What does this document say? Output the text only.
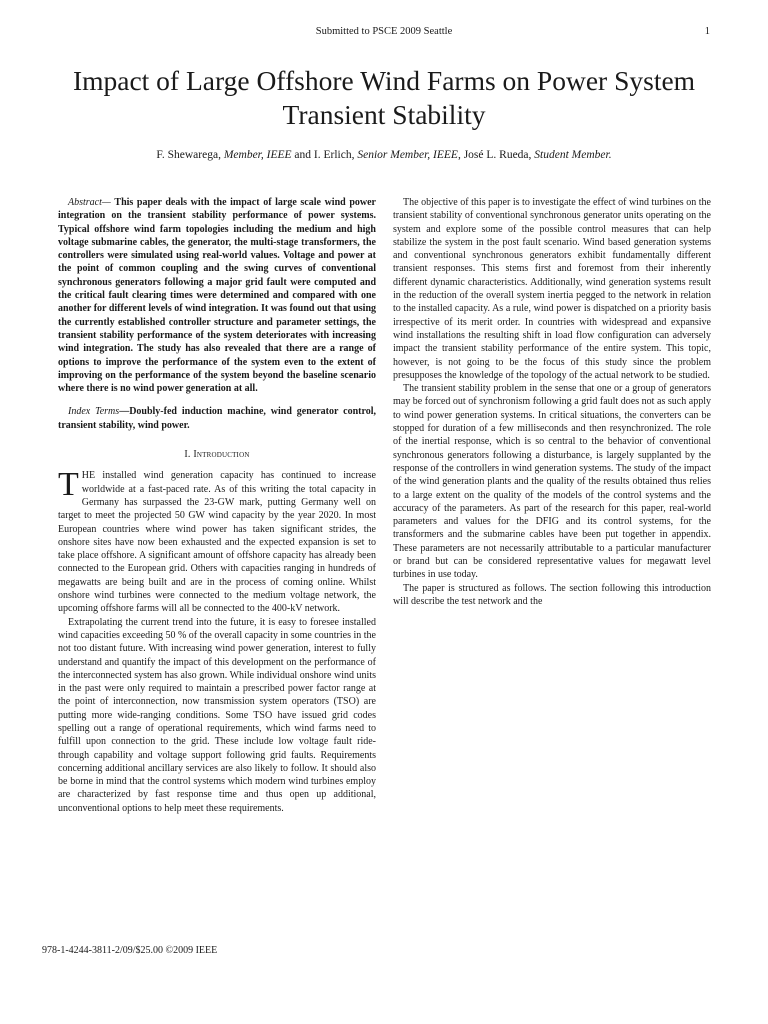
Submitted to PSCE 2009 Seattle	1
Impact of Large Offshore Wind Farms on Power System Transient Stability
F. Shewarega, Member, IEEE and I. Erlich, Senior Member, IEEE, José L. Rueda, Student Member.

Abstract— This paper deals with the impact of large scale wind power integration on the transient stability performance of power systems. Typical offshore wind farm topologies including the medium and high voltage submarine cables, the generator, the multi-stage transformers, the controllers were simulated using real-world values. Voltage and power at the point of common coupling and the swing curves of conventional synchronous generators following a major grid fault were computed and the critical fault clearing times were determined and compared with one another for different levels of wind integration. It was found out that using the currently established controller structure and parameter settings, the transient stability performance of the system deteriorates with increasing wind integration. The study has also revealed that there are a range of options to improve the performance of the system even to the extent of improving on the performance of the system beyond the baseline scenario where there is no wind power generation at all.

Index Terms—Doubly-fed induction machine, wind generator control, transient stability, wind power.

I. Introduction

THE installed wind generation capacity has continued to increase worldwide at a fast-paced rate. As of this writing the total capacity in Germany has surpassed the 23-GW mark, putting Germany well on target to meet the projected 50 GW wind capacity by the year 2020. In most European countries where wind power has taken significant strides, the onshore sites have now been exhausted and the expected expansion is set to take place offshore. A significant amount of offshore capacity has already been connected to the European grid. Others with capacities ranging in hundreds of megawatts are being built and are in the process of coming online. Whilst onshore wind turbines were connected to the medium voltage network, the upcoming offshore farms will all be connected to the 400-kV network.

Extrapolating the current trend into the future, it is easy to foresee installed wind capacities exceeding 50 % of the overall capacity in some countries in the not too distant future. With increasing wind power generation, interest to fully understand and quantify the impact of this development on the performance of the interconnected system has also grown. While individual onshore wind units in the past were only required to maintain a prescribed power factor range at the point of interconnection, now transmission system operators (TSO) are putting more wide-ranging conditions. Some TSO have issued grid codes spelling out a range of operational requirements, which wind farms need to fulfill upon connection to the grid. These include low voltage fault ride-through capability and voltage support following grid faults. Requirements concerning additional ancillary services are also likely to follow. It should also be borne in mind that the control systems which modern wind turbines employ are characterized by fast response time and thus open up additional, unconventional options to help meet these requirements.

The objective of this paper is to investigate the effect of wind turbines on the transient stability of conventional synchronous generator units operating on the system and explore some of the possible control measures that can help stabilize the system in the post fault scenario. Wind based generation systems and conventional synchronous generators exhibit fundamentally different transient responses. This stems first and foremost from their inherently different dynamic characteristics. Additionally, wind generation systems result in the reduction of the overall system inertia pegged to the network in relation to the installed capacity. As a rule, wind power is dispatched on a priority basis irrespective of its merit order. In countries with widespread and expansive wind installations the resulting shift in load flow configuration can adversely impact the transient stability performance of the entire system. This topic, however, is not going to be the focus of this study since the problem presupposes the knowledge of the topology of the actual network to be studied.

The transient stability problem in the sense that one or a group of generators may be forced out of synchronism following a grid fault does not as such apply to wind power generation systems. In critical situations, the converters can be stopped for duration of a few milliseconds and then resynchronized. The role of the inertial response, which is so central to the behavior of conventional synchronous generators following a disturbance, is largely supplanted by the response of the controllers in wind generation systems. The study of the impact of the wind generation plants and the quality of the results obtained thus relies to a large extent on the quality of the models of the control systems and the accuracy of the parameters. As part of the research for this paper, real-world parameters and values for the DFIG and its control systems, for the transformers and the submarine cables have been put together in appendix. These parameters are not necessarily attributable to a particular manufacturer or brand but can be considered representative values for megawatt level turbines in use today.

The paper is structured as follows. The section following this introduction will describe the test network and the

978-1-4244-3811-2/09/$25.00 ©2009 IEEE
